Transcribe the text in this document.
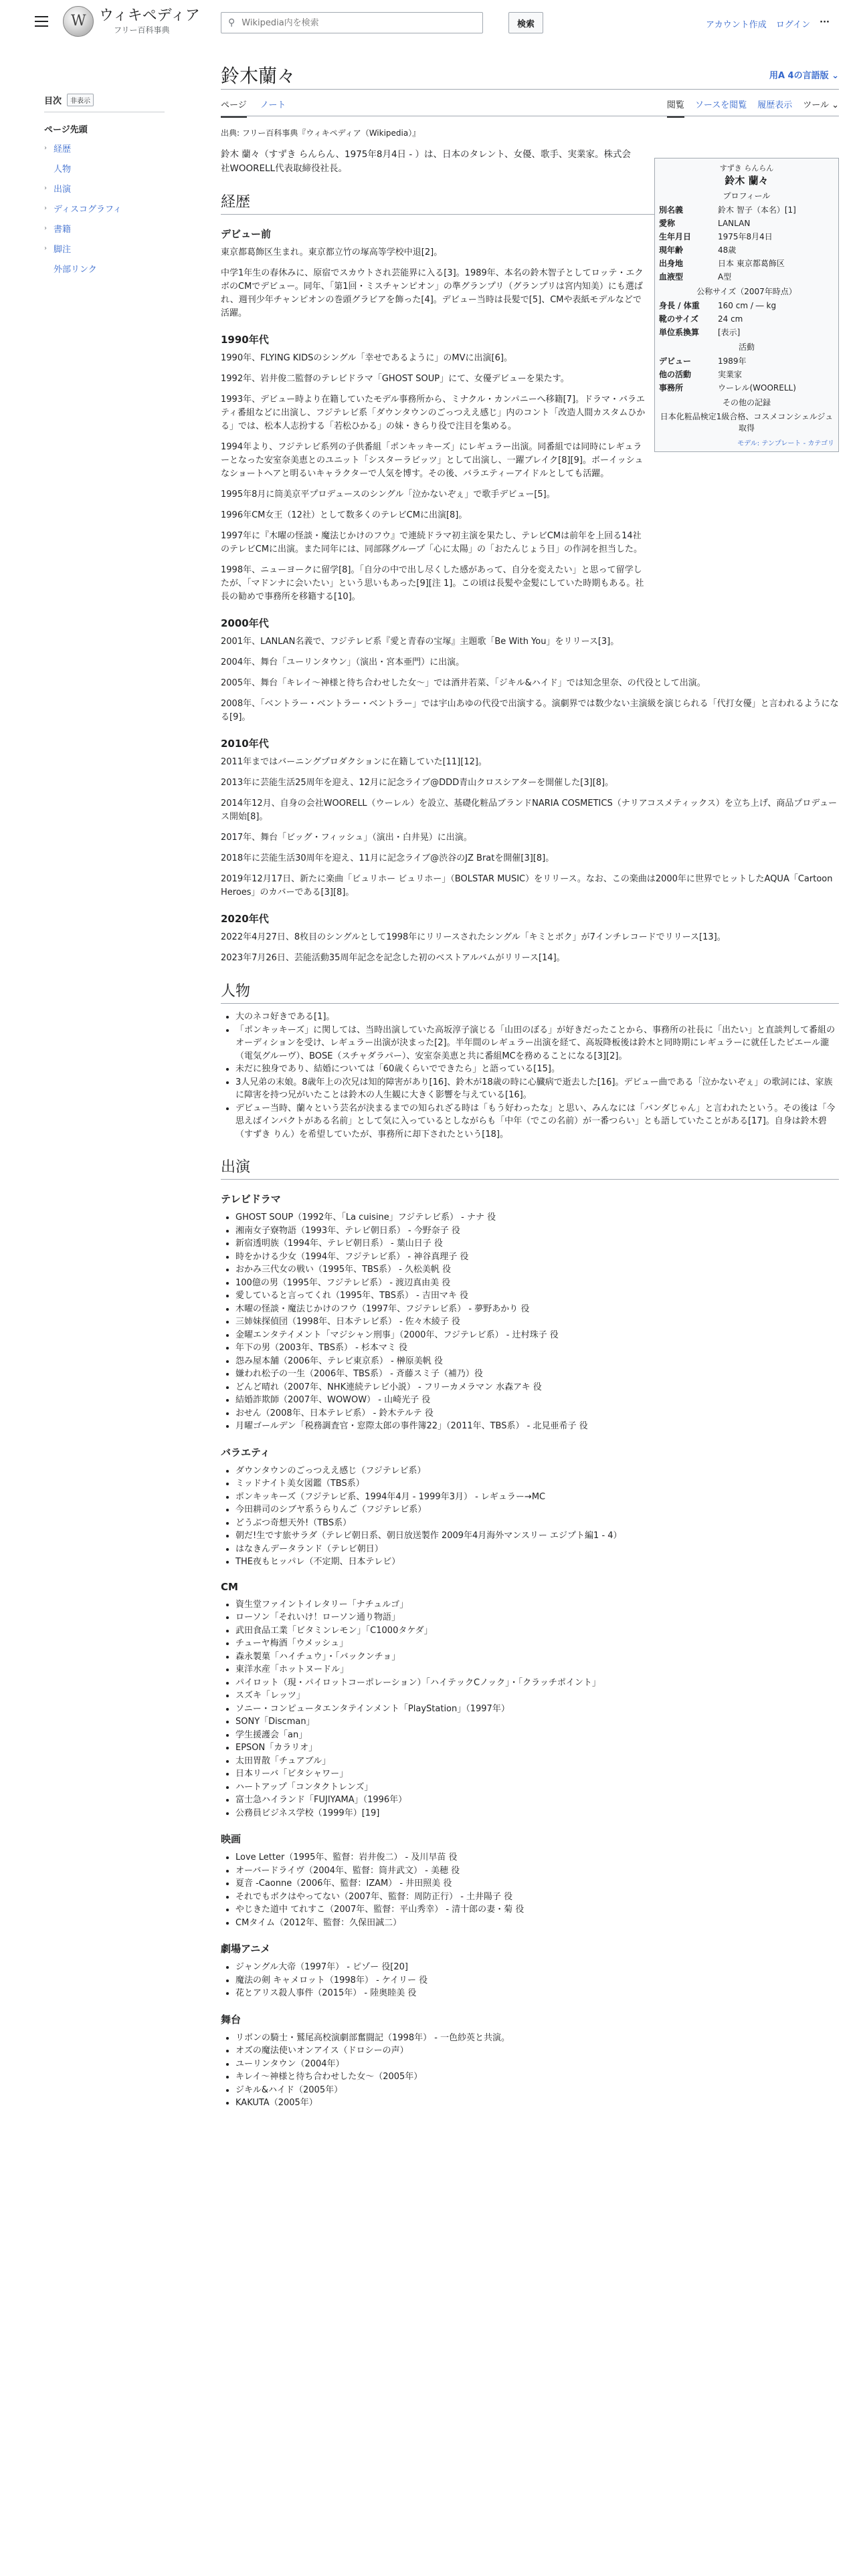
W
ウィキペディア
フリー百科事典
⚲
Wikipedia内を検索	検索	アカウント作成 ログイン ···
目次	非表示
ページ先頭
› 経歴
人物
› 出演
› ディスコグラフィ
› 書籍
› 脚注
外部リンク
鈴木蘭々	用A 4の言語版 ⌄
ページ ノート	閲覧 ソースを閲覧 履歴表示 ツール ⌄
出典: フリー百科事典『ウィキペディア（Wikipedia）』
鈴木 蘭々（すずき らんらん、1975年8月4日 - ）は、日本のタレント、女優、歌手、実業家。株式会社WOORELL代表取締役社長。
経歴
デビュー前

東京都葛飾区生まれ。東京都立竹の塚高等学校中退[2]。

中学1年生の春休みに、原宿でスカウトされ芸能界に入る[3]。1989年、本名の鈴木智子としてロッテ・エクボのCMでデビュー。同年、「第1回・ミスチャンピオン」の準グランプリ（グランプリは宮内知美）にも選ばれ、週刊少年チャンピオンの巻頭グラビアを飾った[4]。デビュー当時は長髪で[5]、CMや表紙モデルなどで活躍。

1990年代

1990年、FLYING KIDSのシングル「幸せであるように」のMVに出演[6]。

1992年、岩井俊二監督のテレビドラマ「GHOST SOUP」にて、女優デビューを果たす。

1993年、デビュー時より在籍していたモデル事務所から、ミナクル・カンパニーへ移籍[7]。ドラマ・バラエティ番組などに出演し、フジテレビ系「ダウンタウンのごっつええ感じ」内のコント「改造人間カスタムひかる」では、松本人志扮する「若松ひかる」の妹・きらり役で注目を集める。

1994年より、フジテレビ系列の子供番組「ポンキッキーズ」にレギュラー出演。同番組では同時にレギュラーとなった安室奈美恵とのユニット「シスターラビッツ」として出演し、一躍ブレイク[8][9]。ボーイッシュなショートヘアと明るいキャラクターで人気を博す。その後、バラエティーアイドルとしても活躍。

1995年8月に筒美京平プロデュースのシングル「泣かないぞぇ」で歌手デビュー[5]。

1996年CM女王（12社）として数多くのテレビCMに出演[8]。

1997年に『木曜の怪談・魔法じかけのフウ』で連続ドラマ初主演を果たし、テレビCMは前年を上回る14社のテレビCMに出演。また同年には、同部隊グループ「心に太陽」の「おたんじょう日」の作詞を担当した。

1998年、ニューヨークに留学[8]。「自分の中で出し尽くした感があって、自分を変えたい」と思って留学したが、「マドンナに会いたい」という思いもあった[9][注 1]。この頃は長髪や金髪にしていた時期もある。社長の勧めで事務所を移籍する[10]。

2000年代

2001年、LANLAN名義で、フジテレビ系『愛と青春の宝塚』主題歌「Be With You」をリリース[3]。

2004年、舞台「ユーリンタウン」（演出・宮本亜門）に出演。

2005年、舞台「キレイ〜神様と待ち合わせした女〜」では酒井若菜、「ジキル&ハイド」では知念里奈、の代役として出演。

2008年、「ベントラー・ベントラー・ベントラー」では宇山あゆの代役で出演する。演劇界では数少ない主演級を演じられる「代打女優」と言われるようになる[9]。

2010年代

2011年まではバーニングプロダクションに在籍していた[11][12]。

2013年に芸能生活25周年を迎え、12月に記念ライブ@DDD青山クロスシアターを開催した[3][8]。

2014年12月、自身の会社WOORELL（ウーレル）を設立、基礎化粧品ブランドNARIA COSMETICS（ナリアコスメティックス）を立ち上げ、商品プロデュース開始[8]。

2017年、舞台「ビッグ・フィッシュ」（演出・白井晃）に出演。

2018年に芸能生活30周年を迎え、11月に記念ライブ@渋谷のJZ Bratを開催[3][8]。

2019年12月17日、新たに楽曲「ビュリホー ビュリホー」（BOLSTAR MUSIC）をリリース。なお、この楽曲は2000年に世界でヒットしたAQUA「Cartoon Heroes」のカバーである[3][8]。

2020年代

2022年4月27日、8枚目のシングルとして1998年にリリースされたシングル「キミとボク」が7インチレコードでリリース[13]。

2023年7月26日、芸能活動35周年記念を記念した初のベストアルバムがリリース[14]。

人物
• 大のネコ好きである[1]。
• 「ポンキッキーズ」に関しては、当時出演していた高坂淳子演じる「山田のぼる」が好きだったことから、事務所の社長に「出たい」と直談判して番組のオーディションを受け、レギュラー出演が決まった[2]。半年間のレギュラー出演を経て、高坂降板後は鈴木と同時期にレギュラーに就任したピエール瀧（電気グルーヴ）、BOSE（スチャダラパー）、安室奈美恵と共に番組MCを務めることになる[3][2]。
• 未だに独身であり、結婚については「60歳くらいでできたら」と語っている[15]。
• 3人兄弟の末娘。8歳年上の次兄は知的障害があり[16]、鈴木が18歳の時に心臓病で逝去した[16]。デビュー曲である「泣かないぞぇ」の歌詞には、家族に障害を持つ兄がいたことは鈴木の人生観に大きく影響を与えている[16]。
• デビュー当時、蘭々という芸名が決まるまでの知られざる時は「もう好わったな」と思い、みんなには「バンダじゃん」と言われたという。その後は「今思えばインパクトがある名前」として気に入っているとしながらも「中年（でこの名前）が一番つらい」とも語していたことがある[17]。自身は鈴木碧（すずき りん）を希望していたが、事務所に却下されたという[18]。
出演
テレビドラマ
• GHOST SOUP（1992年、「La cuisine」フジテレビ系） - ナナ 役
• 湘南女子寮物語（1993年、テレビ朝日系） - 今野奈子 役
• 新宿透明族（1994年、テレビ朝日系） - 葉山日子 役
• 時をかける少女（1994年、フジテレビ系） - 神谷真理子 役
• おかみ三代女の戦い（1995年、TBS系） - 久松美帆 役
• 100億の男（1995年、フジテレビ系） - 渡辺真由美 役
• 愛していると言ってくれ（1995年、TBS系） - 吉田マキ 役
• 木曜の怪談・魔法じかけのフウ（1997年、フジテレビ系） - 夢野あかり 役
• 三姉妹探偵団（1998年、日本テレビ系） - 佐々木綾子 役
• 金曜エンタテイメント「マジシャン刑事」（2000年、フジテレビ系） - 辻村珠子 役
• 年下の男（2003年、TBS系） - 杉本マミ 役
• 怨み屋本舗（2006年、テレビ東京系） - 榊原美帆 役
• 嫌われ松子の一生（2006年、TBS系） - 斉藤スミ子（補乃）役
• どんど晴れ（2007年、NHK連続テレビ小説） - フリーカメラマン 水森アキ 役
• 結婚詐欺師（2007年、WOWOW） - 山崎光子 役
• おせん（2008年、日本テレビ系） - 鈴木テルテ 役
• 月曜ゴールデン「税務調査官・窓際太郎の事件簿22」（2011年、TBS系） - 北見亜希子 役
バラエティ
• ダウンタウンのごっつええ感じ（フジテレビ系）
• ミッドナイト美女図鑑（TBS系）
• ポンキッキーズ（フジテレビ系、1994年4月 - 1999年3月） - レギュラー→MC
• 今田耕司のシブヤ系うらりんご（フジテレビ系）
• どうぶつ奇想天外!（TBS系）
• 朝だ!生です旅サラダ（テレビ朝日系、朝日放送製作 2009年4月海外マンスリー エジプト編1 - 4）
• はなきんデータランド（テレビ朝日）
• THE夜もヒッパレ（不定期、日本テレビ）
CM
• 資生堂ファイントイレタリー「ナチュルゴ」
• ローソン「それいけ！ローソン通り物語」
• 武田食品工業「ビタミンレモン」「C1000タケダ」
• チューヤ梅酒「ウメッシュ」
• 森永製菓「ハイチュウ」・「バックンチョ」
• 東洋水産「ホットヌードル」
• パイロット（現・パイロットコーポレーション）「ハイテックCノック」・「クラッチポイント」
• スズキ「レッツ」
• ソニー・コンピュータエンタテインメント「PlayStation」（1997年）
• SONY「Discman」
• 学生援護会「an」
• EPSON「カラリオ」
• 太田胃散「チュアブル」
• 日本リーバ「ビタシャワー」
• ハートアップ「コンタクトレンズ」
• 富士急ハイランド「FUJIYAMA」（1996年）
• 公務員ビジネス学校（1999年）[19]
映画
• Love Letter（1995年、監督：岩井俊二） - 及川早苗 役
• オーバードライヴ（2004年、監督：筒井武文） - 美穂 役
• 夏音 -Caonne（2006年、監督：IZAM） - 井田照美 役
• それでもボクはやってない（2007年、監督：周防正行） - 土井陽子 役
• やじきた道中 てれすこ（2007年、監督：平山秀幸） - 清十郎の妻・菊 役
• CMタイム（2012年、監督：久保田誠二）
劇場アニメ
• ジャングル大帝（1997年） - ピゾー 役[20]
• 魔法の剣 キャメロット（1998年） - ケイリー 役
• 花とアリス殺人事件（2015年） - 陸奥睦美 役
舞台
• リボンの騎士・鷲尾高校演劇部奮闘記（1998年） - 一色紗英と共演。
• オズの魔法使いオンアイス（ドロシーの声）
• ユーリンタウン（2004年）
• キレイ〜神様と待ち合わせした女〜（2005年）
• ジキル&ハイド（2005年）
• KAKUTA（2005年）
すずき らんらん
鈴木 蘭々
プロフィール
別名義	鈴木 智子（本名）[1]
愛称	LANLAN
生年月日	1975年8月4日
現年齢	48歳
出身地	日本 東京都葛飾区
血液型	A型
公称サイズ（2007年時点）
身長 / 体重	160 cm / ― kg
靴のサイズ	24 cm
単位系換算	[表示]
活動
デビュー	1989年
他の活動	実業家
事務所	ウーレル(WOORELL)
その他の記録
日本化粧品検定1級合格、コスメコンシェルジュ取得
モデル: テンプレート - カテゴリ
